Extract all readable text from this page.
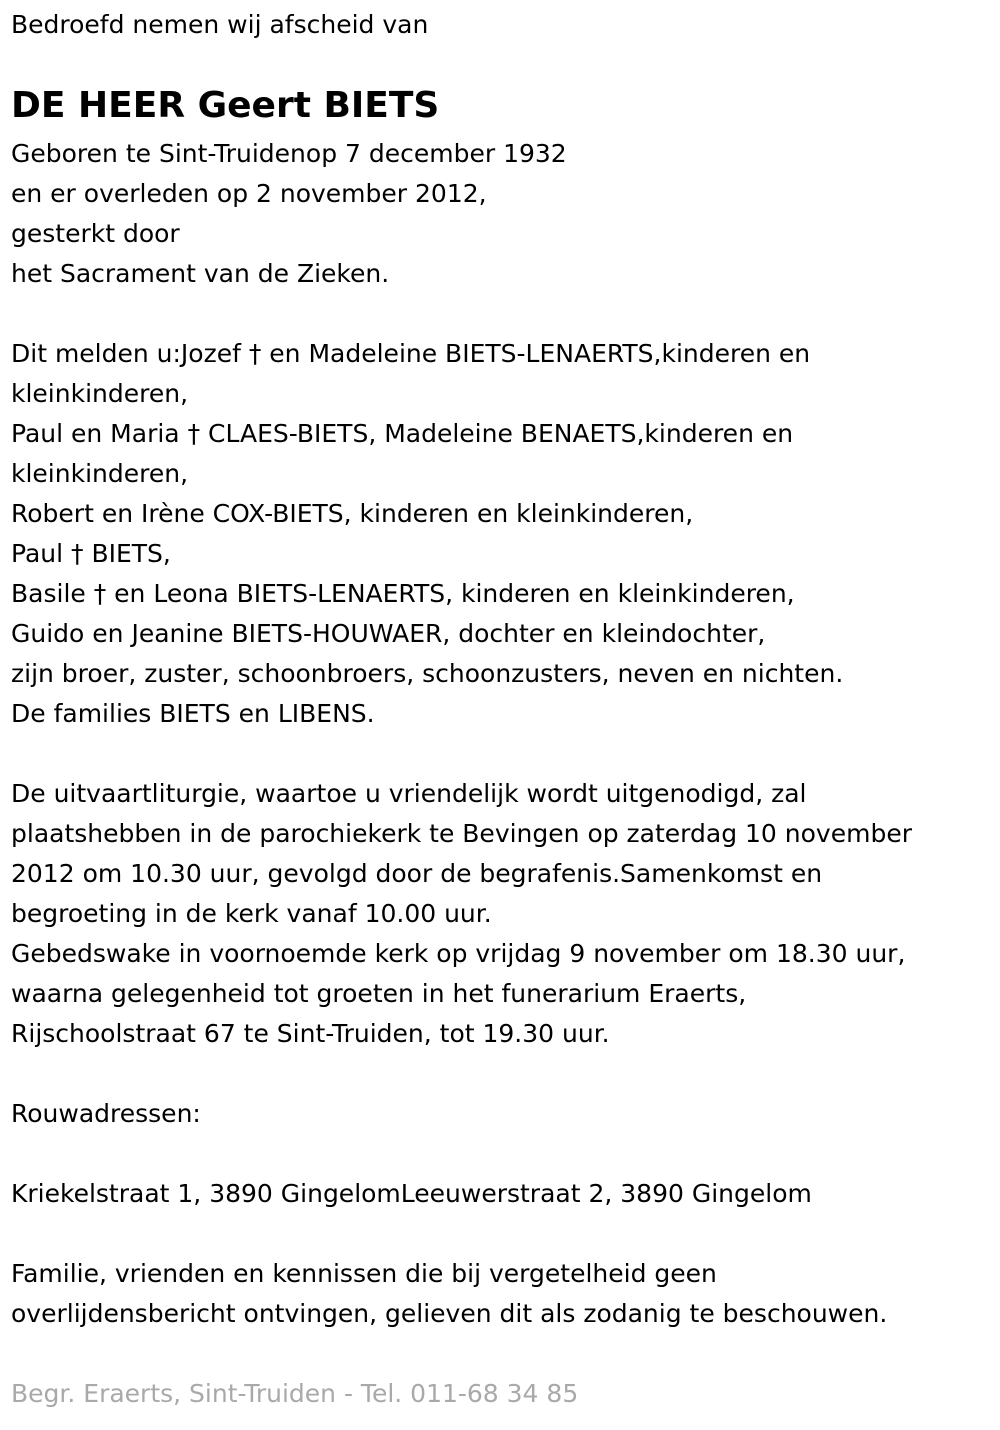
Bedroefd nemen wij afscheid van

DE HEER Geert BIETS

Geboren te Sint-Truidenop 7 december 1932

en er overleden op 2 november 2012,

gesterkt door

het Sacrament van de Zieken.

Dit melden u:Jozef † en Madeleine BIETS-LENAERTS,kinderen en

kleinkinderen,

Paul en Maria † CLAES-BIETS, Madeleine BENAETS,kinderen en

kleinkinderen,

Robert en Irène COX-BIETS, kinderen en kleinkinderen,

Paul † BIETS,

Basile † en Leona BIETS-LENAERTS, kinderen en kleinkinderen,

Guido en Jeanine BIETS-HOUWAER, dochter en kleindochter,

zijn broer, zuster, schoonbroers, schoonzusters, neven en nichten.

De families BIETS en LIBENS.

De uitvaartliturgie, waartoe u vriendelijk wordt uitgenodigd, zal

plaatshebben in de parochiekerk te Bevingen op zaterdag 10 november

2012 om 10.30 uur, gevolgd door de begrafenis.Samenkomst en

begroeting in de kerk vanaf 10.00 uur.

Gebedswake in voornoemde kerk op vrijdag 9 november om 18.30 uur,

waarna gelegenheid tot groeten in het funerarium Eraerts,

Rijschoolstraat 67 te Sint-Truiden, tot 19.30 uur.

Rouwadressen:

Kriekelstraat 1, 3890 GingelomLeeuwerstraat 2, 3890 Gingelom

Familie, vrienden en kennissen die bij vergetelheid geen

overlijdensbericht ontvingen, gelieven dit als zodanig te beschouwen.

Begr. Eraerts, Sint-Truiden - Tel. 011-68 34 85
